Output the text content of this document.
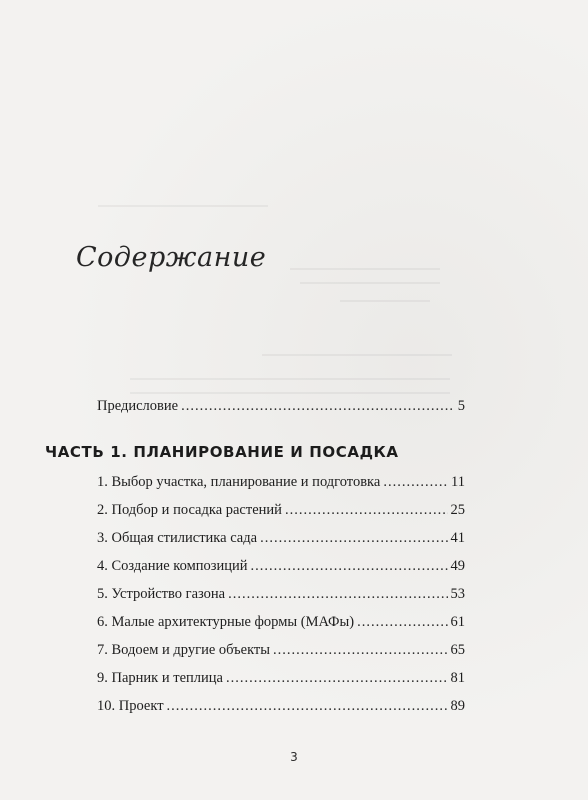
Содержание
Предисловие .....	5
ЧАСТЬ 1. ПЛАНИРОВАНИЕ И ПОСАДКА
1. Выбор участка, планирование и подготовка .....	11
2. Подбор и посадка растений .....	25
3. Общая стилистика сада .....	41
4. Создание композиций .....	49
5. Устройство газона .....	53
6. Малые архитектурные формы (МАФы) .....	61
7. Водоем и другие объекты .....	65
9. Парник и теплица .....	81
10. Проект .....	89
3
